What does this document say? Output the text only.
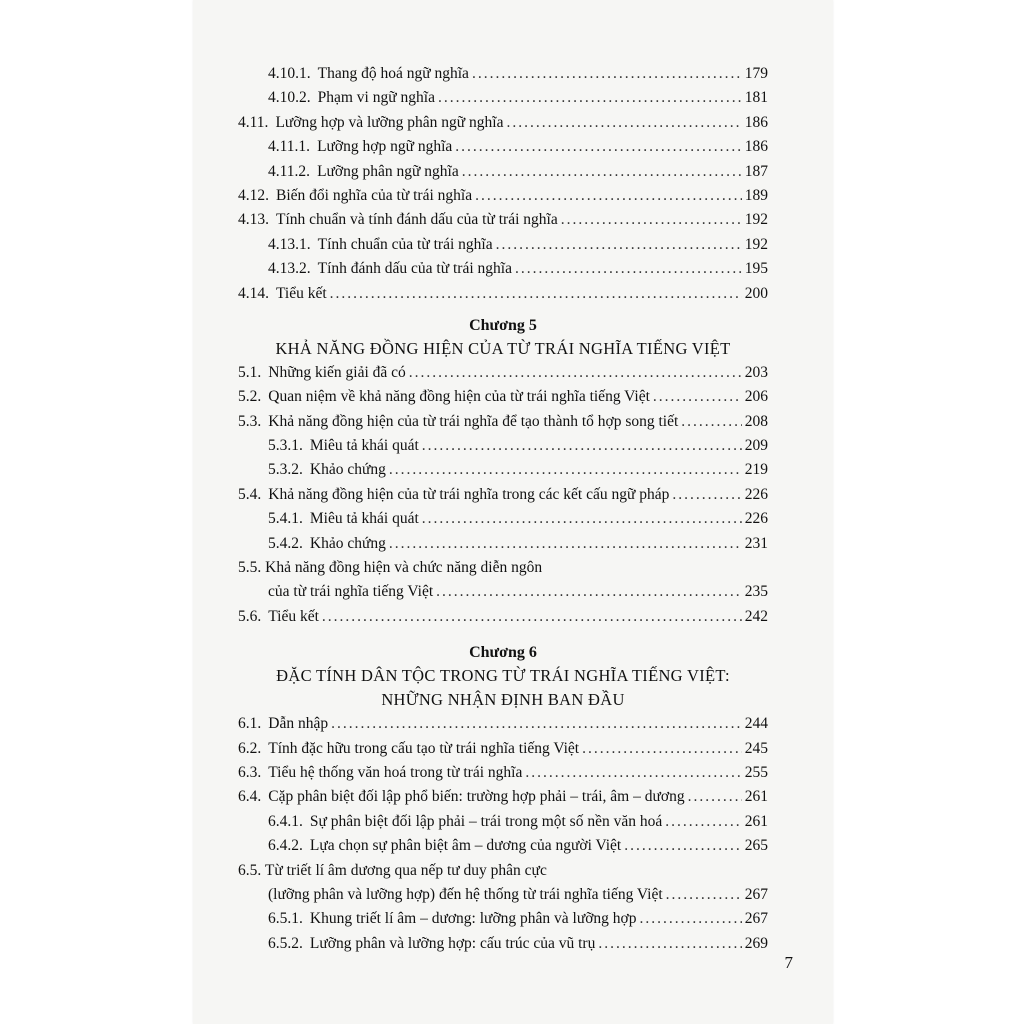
4.10.1. Thang độ hoá ngữ nghĩa .....	179
4.10.2. Phạm vi ngữ nghĩa .....	181
4.11. Lưỡng hợp và lưỡng phân ngữ nghĩa .....	186
4.11.1. Lưỡng hợp ngữ nghĩa .....	186
4.11.2. Lưỡng phân ngữ nghĩa .....	187
4.12. Biến đổi nghĩa của từ trái nghĩa .....	189
4.13. Tính chuẩn và tính đánh dấu của từ trái nghĩa .....	192
4.13.1. Tính chuẩn của từ trái nghĩa .....	192
4.13.2. Tính đánh dấu của từ trái nghĩa .....	195
4.14. Tiểu kết .....	200
Chương 5
KHẢ NĂNG ĐỒNG HIỆN CỦA TỪ TRÁI NGHĨA TIẾNG VIỆT
5.1. Những kiến giải đã có .....	203
5.2. Quan niệm về khả năng đồng hiện của từ trái nghĩa tiếng Việt .....	206
5.3. Khả năng đồng hiện của từ trái nghĩa để tạo thành tổ hợp song tiết .....	208
5.3.1. Miêu tả khái quát .....	209
5.3.2. Khảo chứng .....	219
5.4. Khả năng đồng hiện của từ trái nghĩa trong các kết cấu ngữ pháp .....	226
5.4.1. Miêu tả khái quát .....	226
5.4.2. Khảo chứng .....	231
5.5. Khả năng đồng hiện và chức năng diễn ngôn
của từ trái nghĩa tiếng Việt .....	235
5.6. Tiểu kết .....	242
Chương 6
ĐẶC TÍNH DÂN TỘC TRONG TỪ TRÁI NGHĨA TIẾNG VIỆT:
NHỮNG NHẬN ĐỊNH BAN ĐẦU
6.1. Dẫn nhập .....	244
6.2. Tính đặc hữu trong cấu tạo từ trái nghĩa tiếng Việt .....	245
6.3. Tiểu hệ thống văn hoá trong từ trái nghĩa .....	255
6.4. Cặp phân biệt đối lập phổ biến: trường hợp phải – trái, âm – dương .....	261
6.4.1. Sự phân biệt đối lập phải – trái trong một số nền văn hoá .....	261
6.4.2. Lựa chọn sự phân biệt âm – dương của người Việt .....	265
6.5. Từ triết lí âm dương qua nếp tư duy phân cực
(lưỡng phân và lưỡng hợp) đến hệ thống từ trái nghĩa tiếng Việt .....	267
6.5.1. Khung triết lí âm – dương: lưỡng phân và lưỡng hợp .....	267
6.5.2. Lưỡng phân và lưỡng hợp: cấu trúc của vũ trụ .....	269
7
